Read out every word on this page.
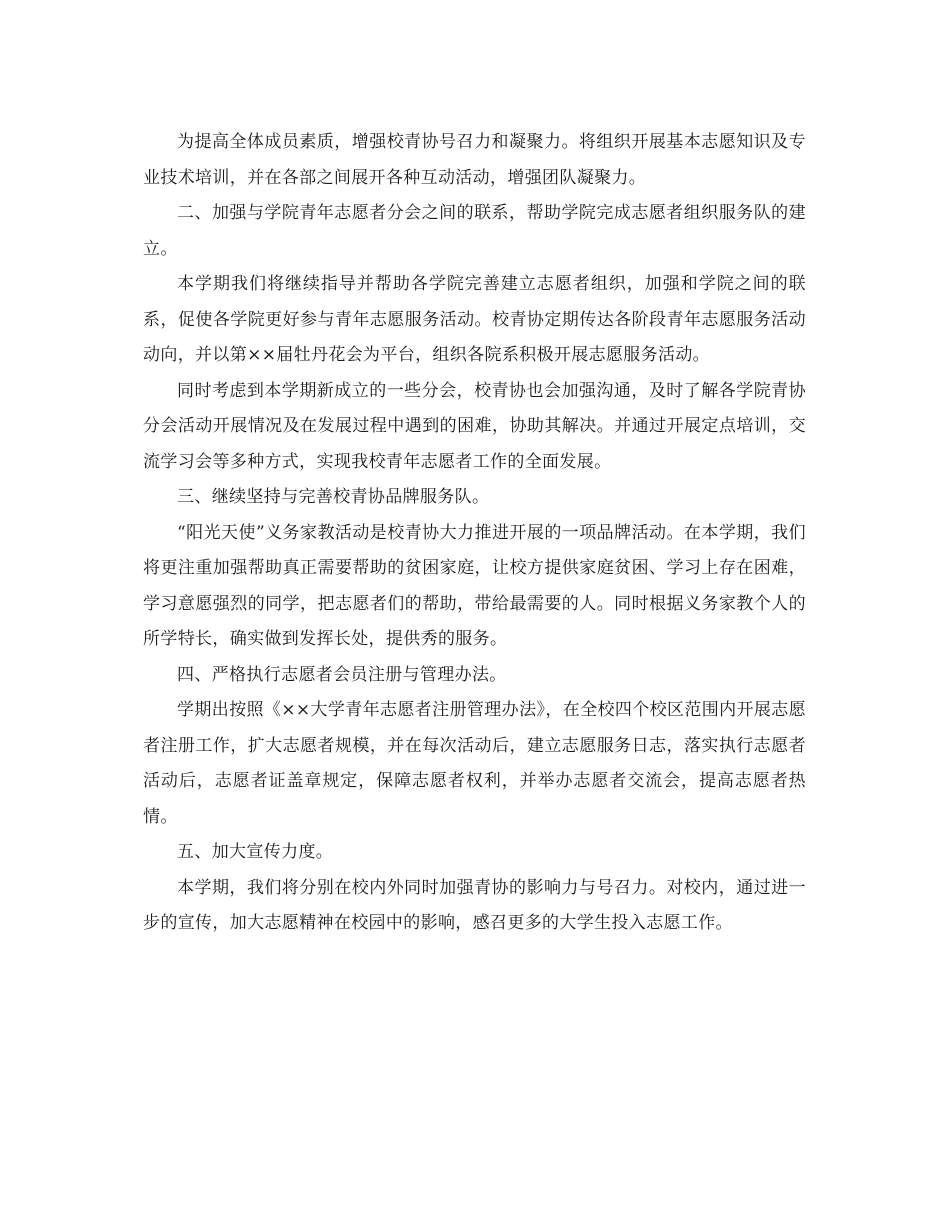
为提高全体成员素质，增强校青协号召力和凝聚力。将组织开展基本志愿知识及专业技术培训，并在各部之间展开各种互动活动，增强团队凝聚力。

二、加强与学院青年志愿者分会之间的联系，帮助学院完成志愿者组织服务队的建立。

本学期我们将继续指导并帮助各学院完善建立志愿者组织，加强和学院之间的联系，促使各学院更好参与青年志愿服务活动。校青协定期传达各阶段青年志愿服务活动动向，并以第××届牡丹花会为平台，组织各院系积极开展志愿服务活动。

同时考虑到本学期新成立的一些分会，校青协也会加强沟通，及时了解各学院青协分会活动开展情况及在发展过程中遇到的困难，协助其解决。并通过开展定点培训，交流学习会等多种方式，实现我校青年志愿者工作的全面发展。

三、继续坚持与完善校青协品牌服务队。

“阳光天使”义务家教活动是校青协大力推进开展的一项品牌活动。在本学期，我们将更注重加强帮助真正需要帮助的贫困家庭，让校方提供家庭贫困、学习上存在困难，学习意愿强烈的同学，把志愿者们的帮助，带给最需要的人。同时根据义务家教个人的所学特长，确实做到发挥长处，提供秀的服务。

四、严格执行志愿者会员注册与管理办法。

学期出按照《××大学青年志愿者注册管理办法》，在全校四个校区范围内开展志愿者注册工作，扩大志愿者规模，并在每次活动后，建立志愿服务日志，落实执行志愿者活动后，志愿者证盖章规定，保障志愿者权利，并举办志愿者交流会，提高志愿者热情。

五、加大宣传力度。

本学期，我们将分别在校内外同时加强青协的影响力与号召力。对校内，通过进一步的宣传，加大志愿精神在校园中的影响，感召更多的大学生投入志愿工作。
